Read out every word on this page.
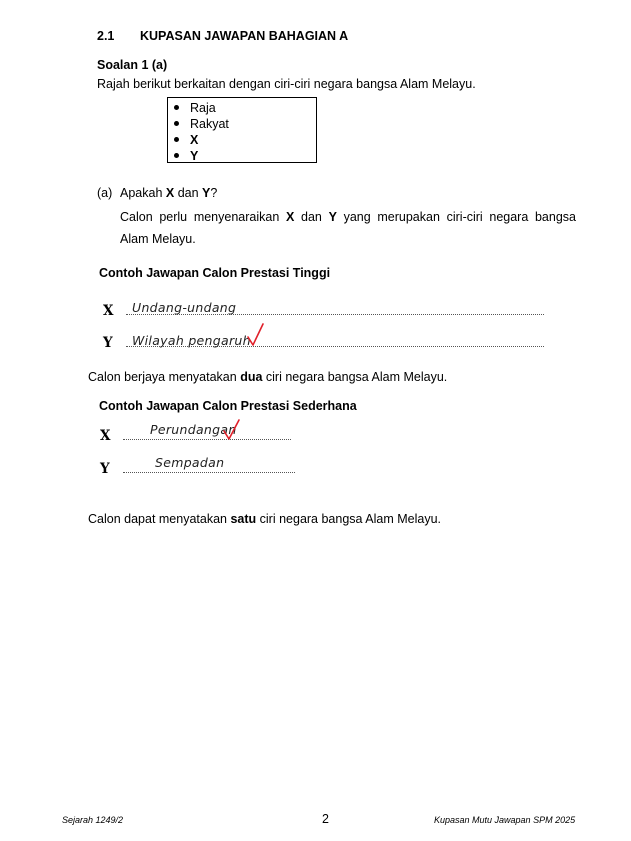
2.1 KUPASAN JAWAPAN BAHAGIAN A
Soalan 1 (a)
Rajah berikut berkaitan dengan ciri-ciri negara bangsa Alam Melayu.
Raja
Rakyat
X
Y
(a) Apakah X dan Y?
Calon perlu menyenaraikan X dan Y yang merupakan ciri-ciri negara bangsa
Alam Melayu.
Contoh Jawapan Calon Prestasi Tinggi
X Undang-undang
Y Wilayah pengaruh
Calon berjaya menyatakan dua ciri negara bangsa Alam Melayu.
Contoh Jawapan Calon Prestasi Sederhana
X	Perundangan
Y	Sempadan
Calon dapat menyatakan satu ciri negara bangsa Alam Melayu.
Sejarah 1249/2	2	Kupasan Mutu Jawapan SPM 2025
